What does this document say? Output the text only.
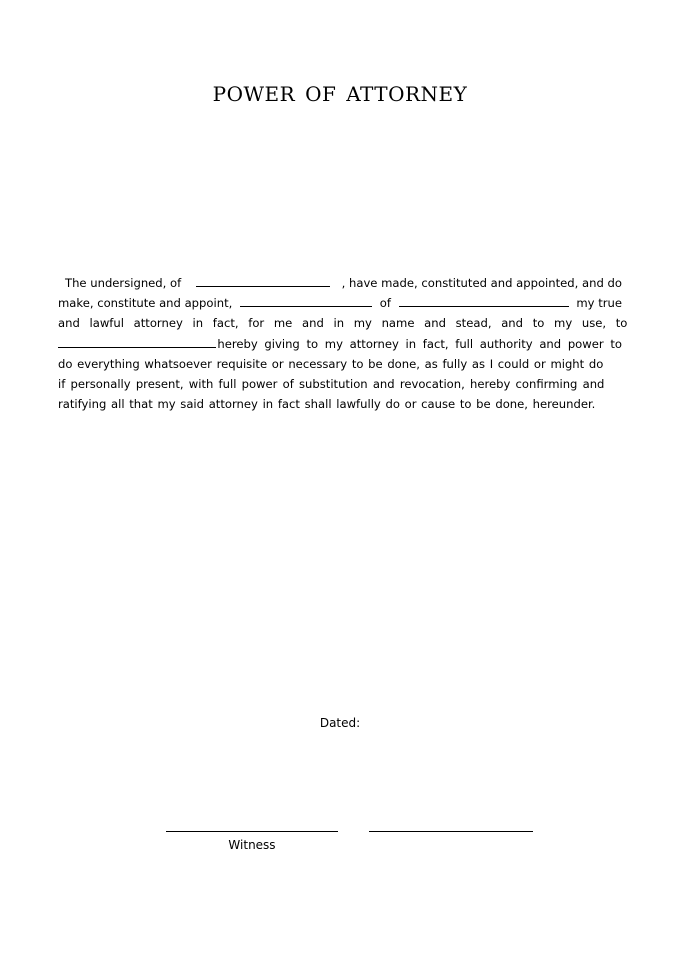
POWER OF ATTORNEY
The undersigned, of	, have made, constituted and appointed, and do
make, constitute and appoint,	of	my true
and lawful attorney in fact, for me and in my name and stead, and to my use, to
hereby giving to my attorney in fact, full authority and power to
do everything whatsoever requisite or necessary to be done, as fully as I could or might do
if personally present, with full power of substitution and revocation, hereby confirming and
ratifying all that my said attorney in fact shall lawfully do or cause to be done, hereunder.
Dated:
Witness
